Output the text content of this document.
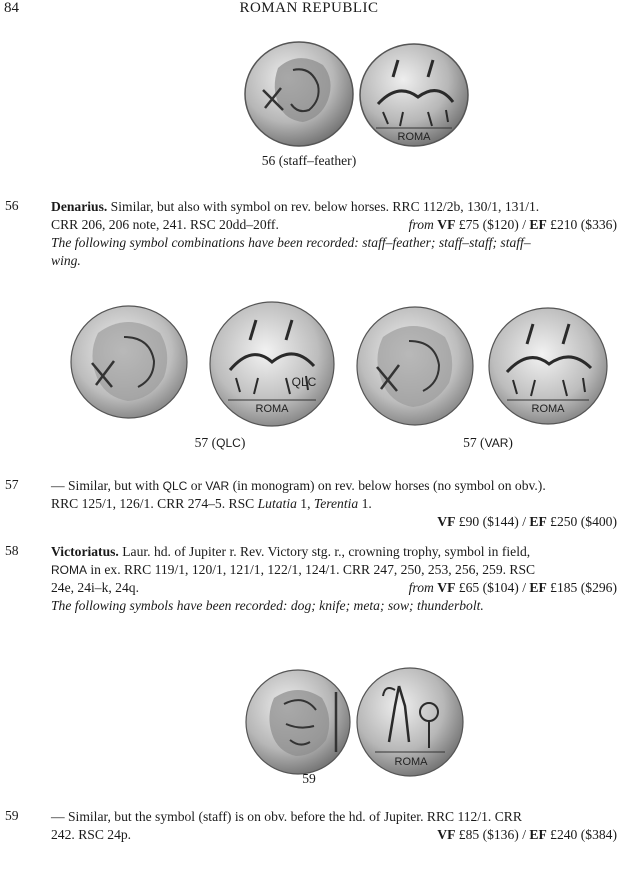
84	ROMAN REPUBLIC
ROMA
56 (staff–feather)
56	Denarius. Similar, but also with symbol on rev. below horses. RRC 112/2b, 130/1, 131/1.
CRR 206, 206 note, 241. RSC 20dd–20ff.	from VF £75 ($120) / EF £210 ($336)
The following symbol combinations have been recorded: staff–feather; staff–staff; staff–
wing.
QLC
ROMA	ROMA
57 (QLC)	57 (VAR)
57	— Similar, but with QLC or VAR (in monogram) on rev. below horses (no symbol on obv.).
RRC 125/1, 126/1. CRR 274–5. RSC Lutatia 1, Terentia 1.
VF £90 ($144) / EF £250 ($400)
58	Victoriatus. Laur. hd. of Jupiter r. Rev. Victory stg. r., crowning trophy, symbol in field,
ROMA in ex. RRC 119/1, 120/1, 121/1, 122/1, 124/1. CRR 247, 250, 253, 256, 259. RSC
24e, 24i–k, 24q.	from VF £65 ($104) / EF £185 ($296)
The following symbols have been recorded: dog; knife; meta; sow; thunderbolt.
ROMA
59
59	— Similar, but the symbol (staff) is on obv. before the hd. of Jupiter. RRC 112/1. CRR
242. RSC 24p.	VF £85 ($136) / EF £240 ($384)
